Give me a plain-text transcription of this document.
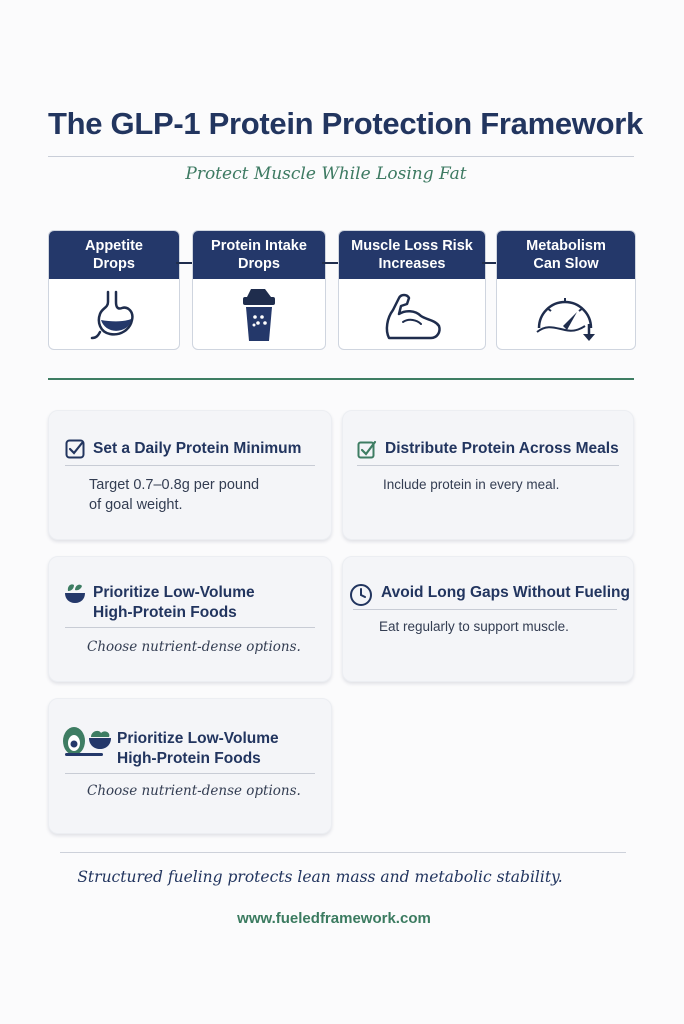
The GLP-1 Protein Protection Framework
Protect Muscle While Losing Fat
Appetite
Drops
Protein Intake
Drops
Muscle Loss Risk
Increases
Metabolism
Can Slow
Set a Daily Protein Minimum
Target 0.7–0.8g per pound
of goal weight.
Distribute Protein Across Meals
Include protein in every meal.
Prioritize Low-Volume
High-Protein Foods
Choose nutrient-dense options.
Avoid Long Gaps Without Fueling
Eat regularly to support muscle.
Prioritize Low-Volume
High-Protein Foods
Choose nutrient-dense options.
Structured fueling protects lean mass and metabolic stability.
www.fueledframework.com
